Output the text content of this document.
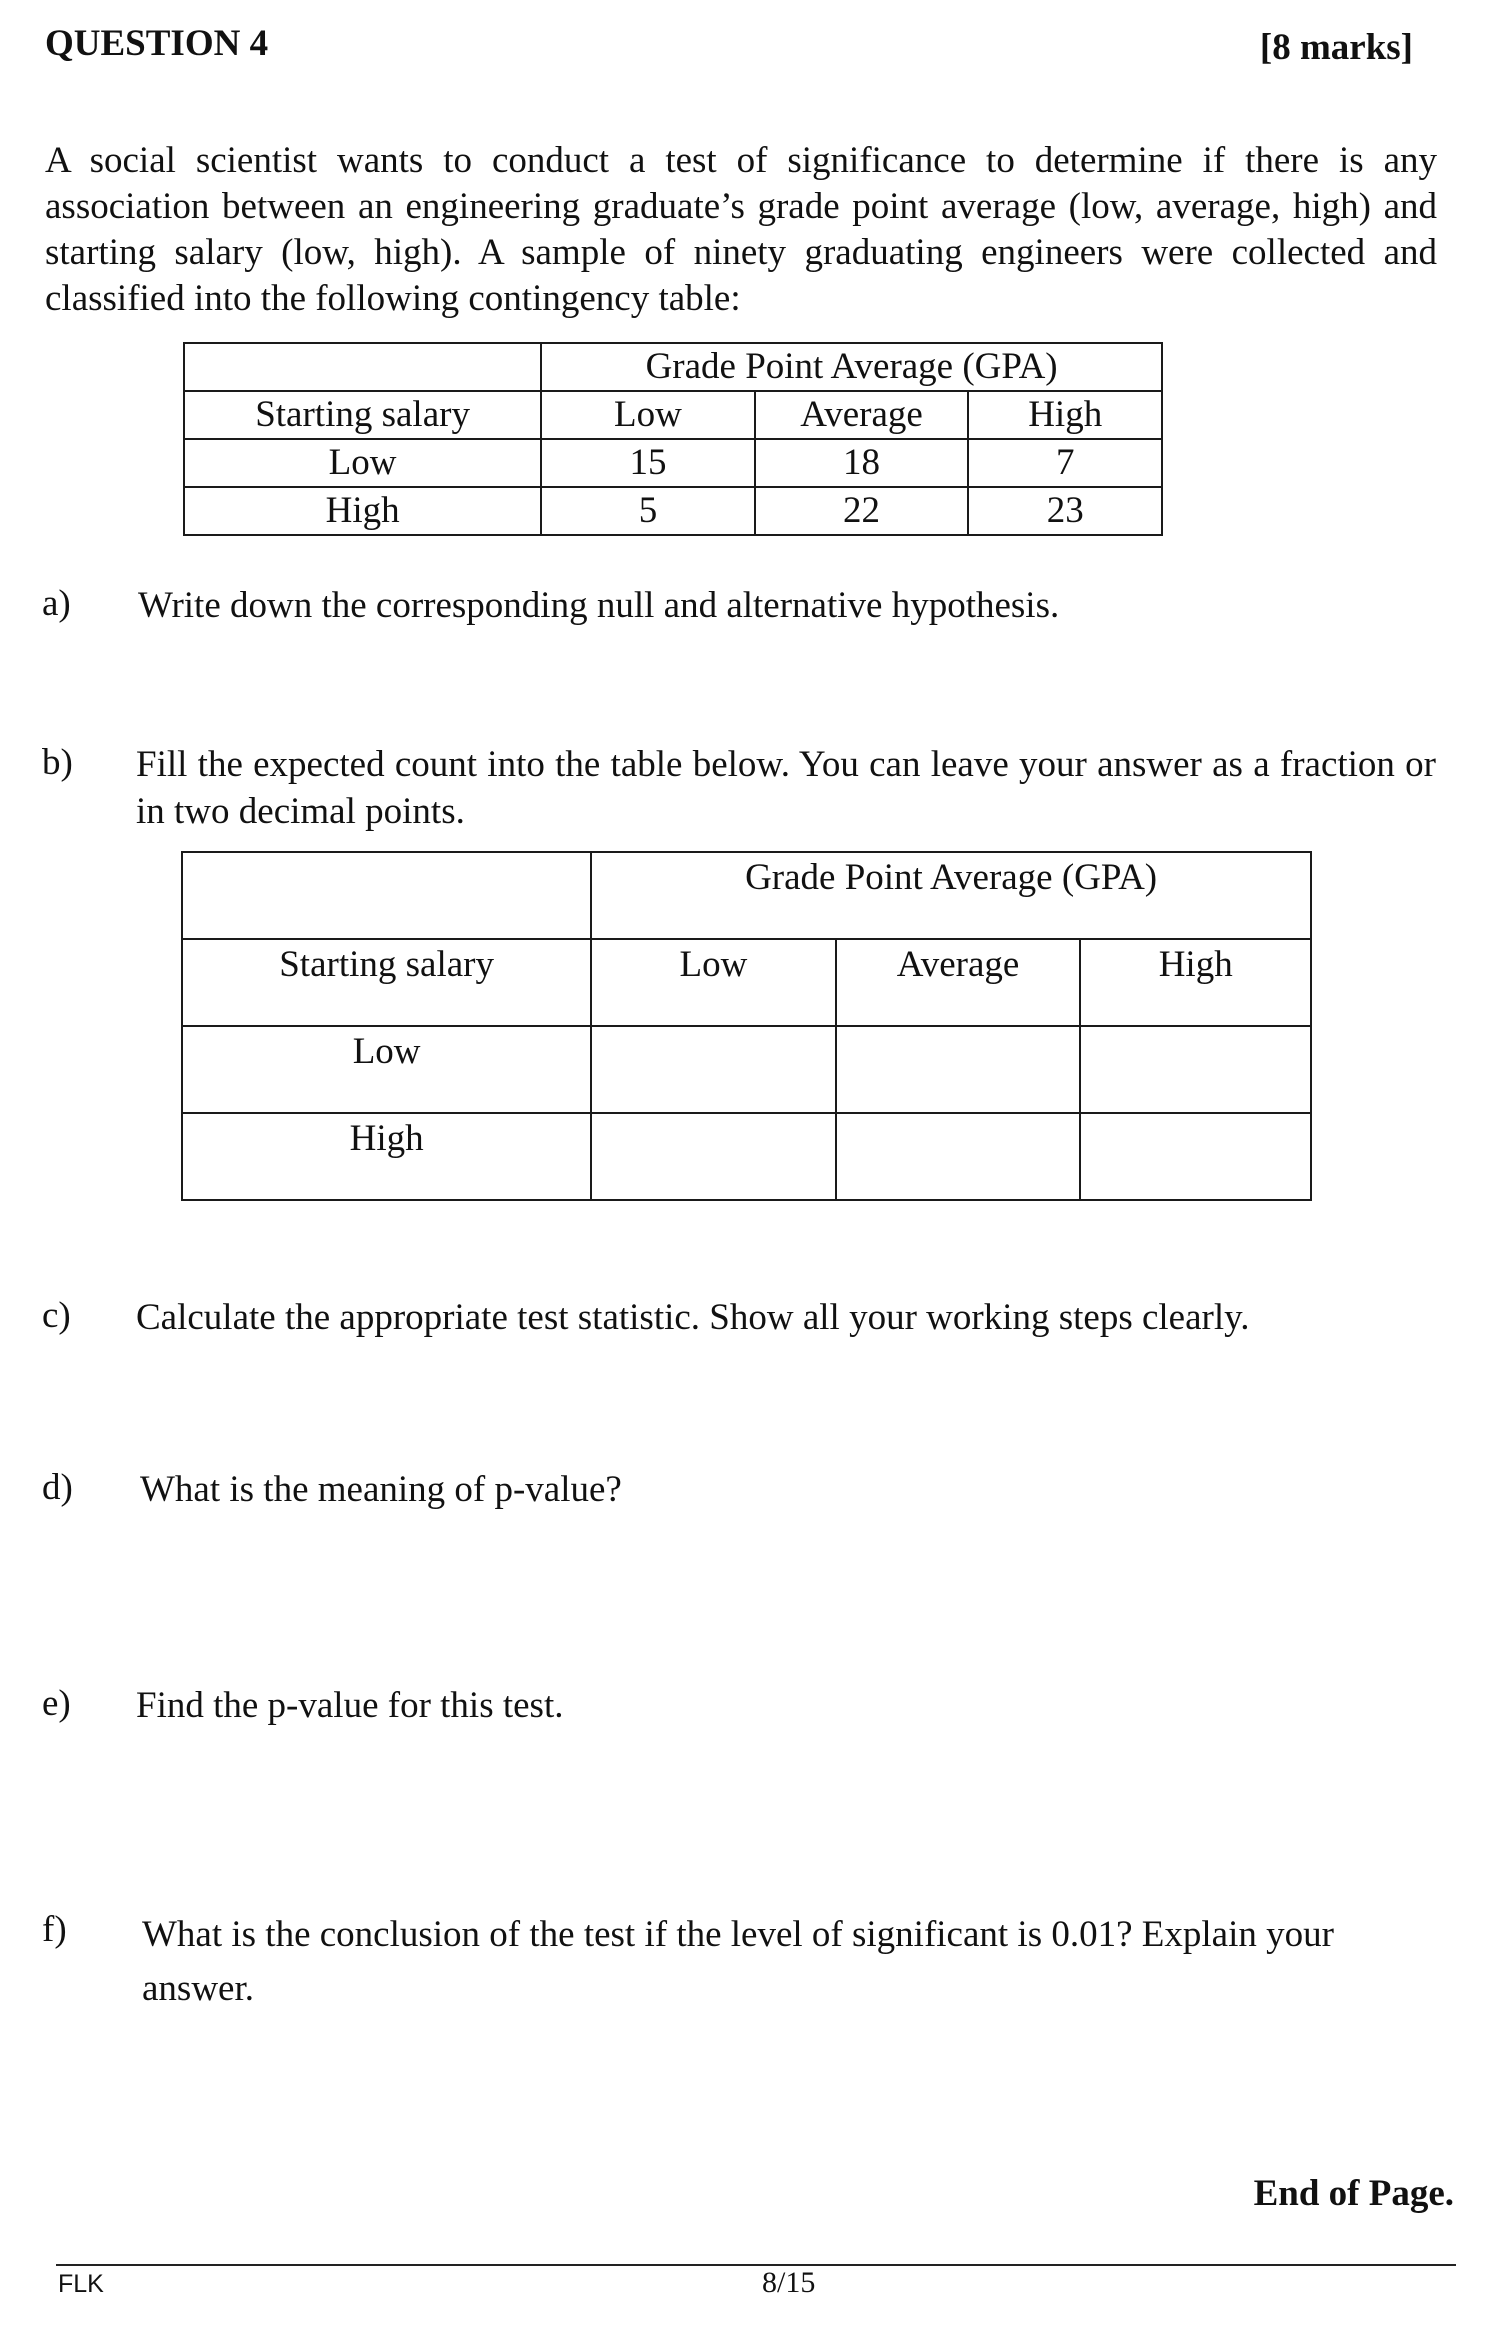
QUESTION 4	[8 marks]
A social scientist wants to conduct a test of significance to determine if there is any association between an engineering graduate’s grade point average (low, average, high) and starting salary (low, high). A sample of ninety graduating engineers were collected and classified into the following contingency table:
	Grade Point Average (GPA)		
Starting salary	Low	Average	High
Low	15	18	7
High	5	22	23
a) Write down the corresponding null and alternative hypothesis.
b) Fill the expected count into the table below. You can leave your answer as a fraction or in two decimal points.
	Grade Point Average (GPA)		
Starting salary	Low	Average	High
Low			
High			
c) Calculate the appropriate test statistic. Show all your working steps clearly.
d) What is the meaning of p-value?
e) Find the p-value for this test.
f) What is the conclusion of the test if the level of significant is 0.01? Explain your answer.
End of Page.
FLK	8/15
